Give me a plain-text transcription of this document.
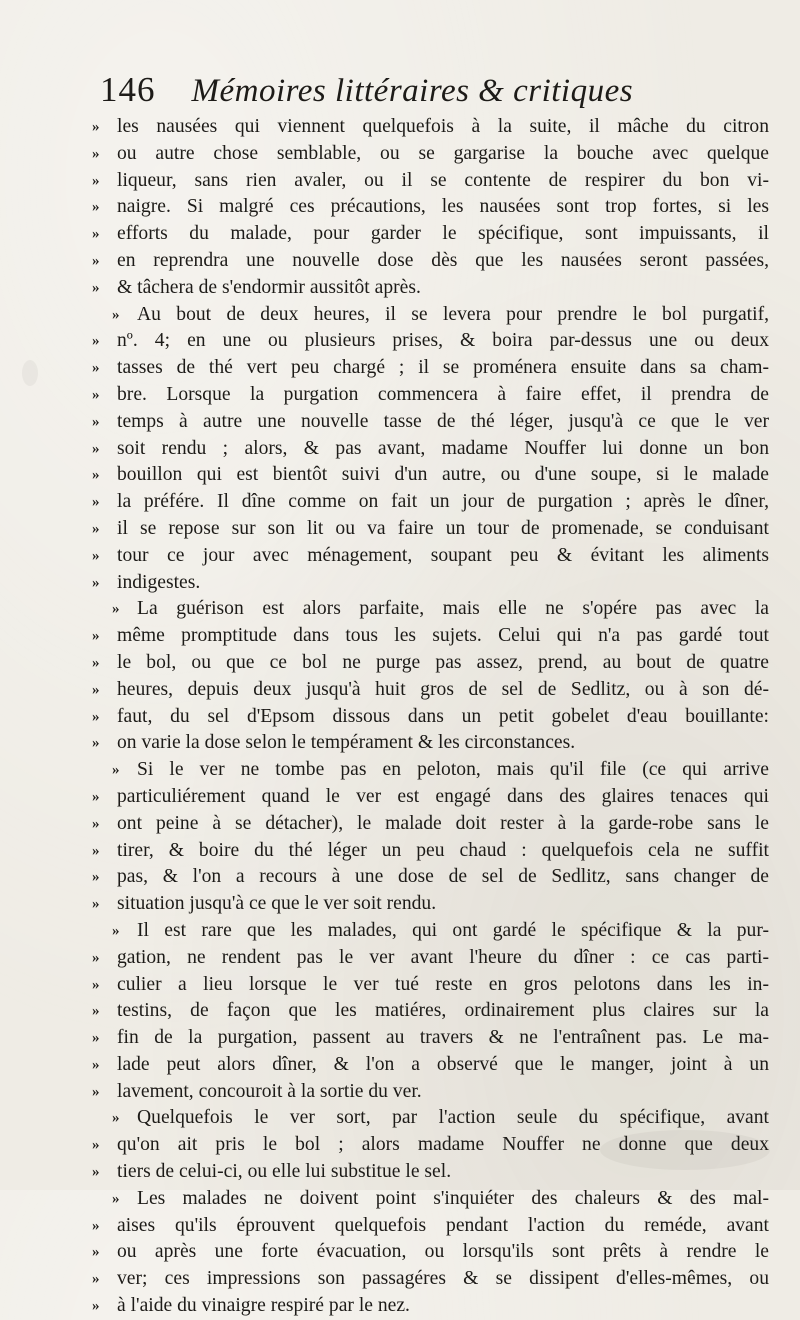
146 Mémoires littéraires & critiques
» les nausées qui viennent quelquefois à la suite, il mâche du citron
» ou autre chose semblable, ou se gargarise la bouche avec quelque
» liqueur, sans rien avaler, ou il se contente de respirer du bon vi-
» naigre. Si malgré ces précautions, les nausées sont trop fortes, si les
» efforts du malade, pour garder le spécifique, sont impuissants, il
» en reprendra une nouvelle dose dès que les nausées seront passées,
» & tâchera de s'endormir aussitôt après.
» Au bout de deux heures, il se levera pour prendre le bol purgatif,
» nº. 4; en une ou plusieurs prises, & boira par-dessus une ou deux
» tasses de thé vert peu chargé ; il se proménera ensuite dans sa cham-
» bre. Lorsque la purgation commencera à faire effet, il prendra de
» temps à autre une nouvelle tasse de thé léger, jusqu'à ce que le ver
» soit rendu ; alors, & pas avant, madame Nouffer lui donne un bon
» bouillon qui est bientôt suivi d'un autre, ou d'une soupe, si le malade
» la préfére. Il dîne comme on fait un jour de purgation ; après le dîner,
» il se repose sur son lit ou va faire un tour de promenade, se conduisant
» tour ce jour avec ménagement, soupant peu & évitant les aliments
» indigestes.
» La guérison est alors parfaite, mais elle ne s'opére pas avec la
» même promptitude dans tous les sujets. Celui qui n'a pas gardé tout
» le bol, ou que ce bol ne purge pas assez, prend, au bout de quatre
» heures, depuis deux jusqu'à huit gros de sel de Sedlitz, ou à son dé-
» faut, du sel d'Epsom dissous dans un petit gobelet d'eau bouillante:
» on varie la dose selon le tempérament & les circonstances.
» Si le ver ne tombe pas en peloton, mais qu'il file (ce qui arrive
» particuliérement quand le ver est engagé dans des glaires tenaces qui
» ont peine à se détacher), le malade doit rester à la garde-robe sans le
» tirer, & boire du thé léger un peu chaud : quelquefois cela ne suffit
» pas, & l'on a recours à une dose de sel de Sedlitz, sans changer de
» situation jusqu'à ce que le ver soit rendu.
» Il est rare que les malades, qui ont gardé le spécifique & la pur-
» gation, ne rendent pas le ver avant l'heure du dîner : ce cas parti-
» culier a lieu lorsque le ver tué reste en gros pelotons dans les in-
» testins, de façon que les matiéres, ordinairement plus claires sur la
» fin de la purgation, passent au travers & ne l'entraînent pas. Le ma-
» lade peut alors dîner, & l'on a observé que le manger, joint à un
» lavement, concouroit à la sortie du ver.
» Quelquefois le ver sort, par l'action seule du spécifique, avant
» qu'on ait pris le bol ; alors madame Nouffer ne donne que deux
» tiers de celui-ci, ou elle lui substitue le sel.
» Les malades ne doivent point s'inquiéter des chaleurs & des mal-
» aises qu'ils éprouvent quelquefois pendant l'action du reméde, avant
» ou après une forte évacuation, ou lorsqu'ils sont prêts à rendre le
» ver; ces impressions son passagéres & se dissipent d'elles-mêmes, ou
» à l'aide du vinaigre respiré par le nez.
